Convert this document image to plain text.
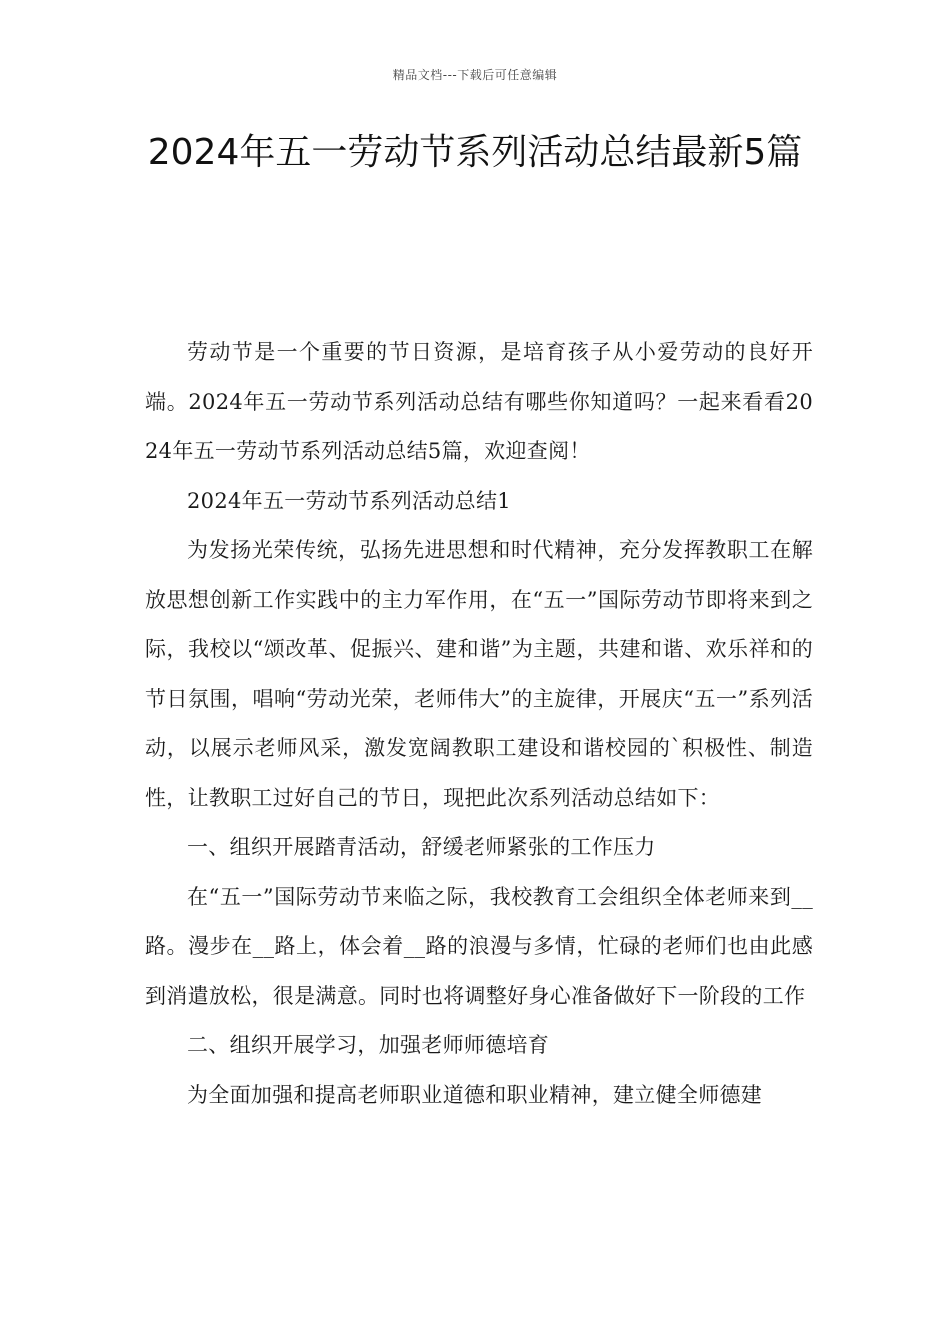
精品文档---下载后可任意编辑
2024年五一劳动节系列活动总结最新5篇

劳动节是一个重要的节日资源，是培育孩子从小爱劳动的良好开端。2024年五一劳动节系列活动总结有哪些你知道吗？一起来看看2024年五一劳动节系列活动总结5篇，欢迎查阅！

2024年五一劳动节系列活动总结1

为发扬光荣传统，弘扬先进思想和时代精神，充分发挥教职工在解放思想创新工作实践中的主力军作用，在“五一”国际劳动节即将来到之际，我校以“颂改革、促振兴、建和谐”为主题，共建和谐、欢乐祥和的节日氛围，唱响“劳动光荣，老师伟大”的主旋律，开展庆“五一”系列活动，以展示老师风采，激发宽阔教职工建设和谐校园的`积极性、制造性，让教职工过好自己的节日，现把此次系列活动总结如下：

一、组织开展踏青活动，舒缓老师紧张的工作压力

在“五一”国际劳动节来临之际，我校教育工会组织全体老师来到__路。漫步在__路上，体会着__路的浪漫与多情，忙碌的老师们也由此感到消遣放松，很是满意。同时也将调整好身心准备做好下一阶段的工作

二、组织开展学习，加强老师师德培育

为全面加强和提高老师职业道德和职业精神，建立健全师德建
